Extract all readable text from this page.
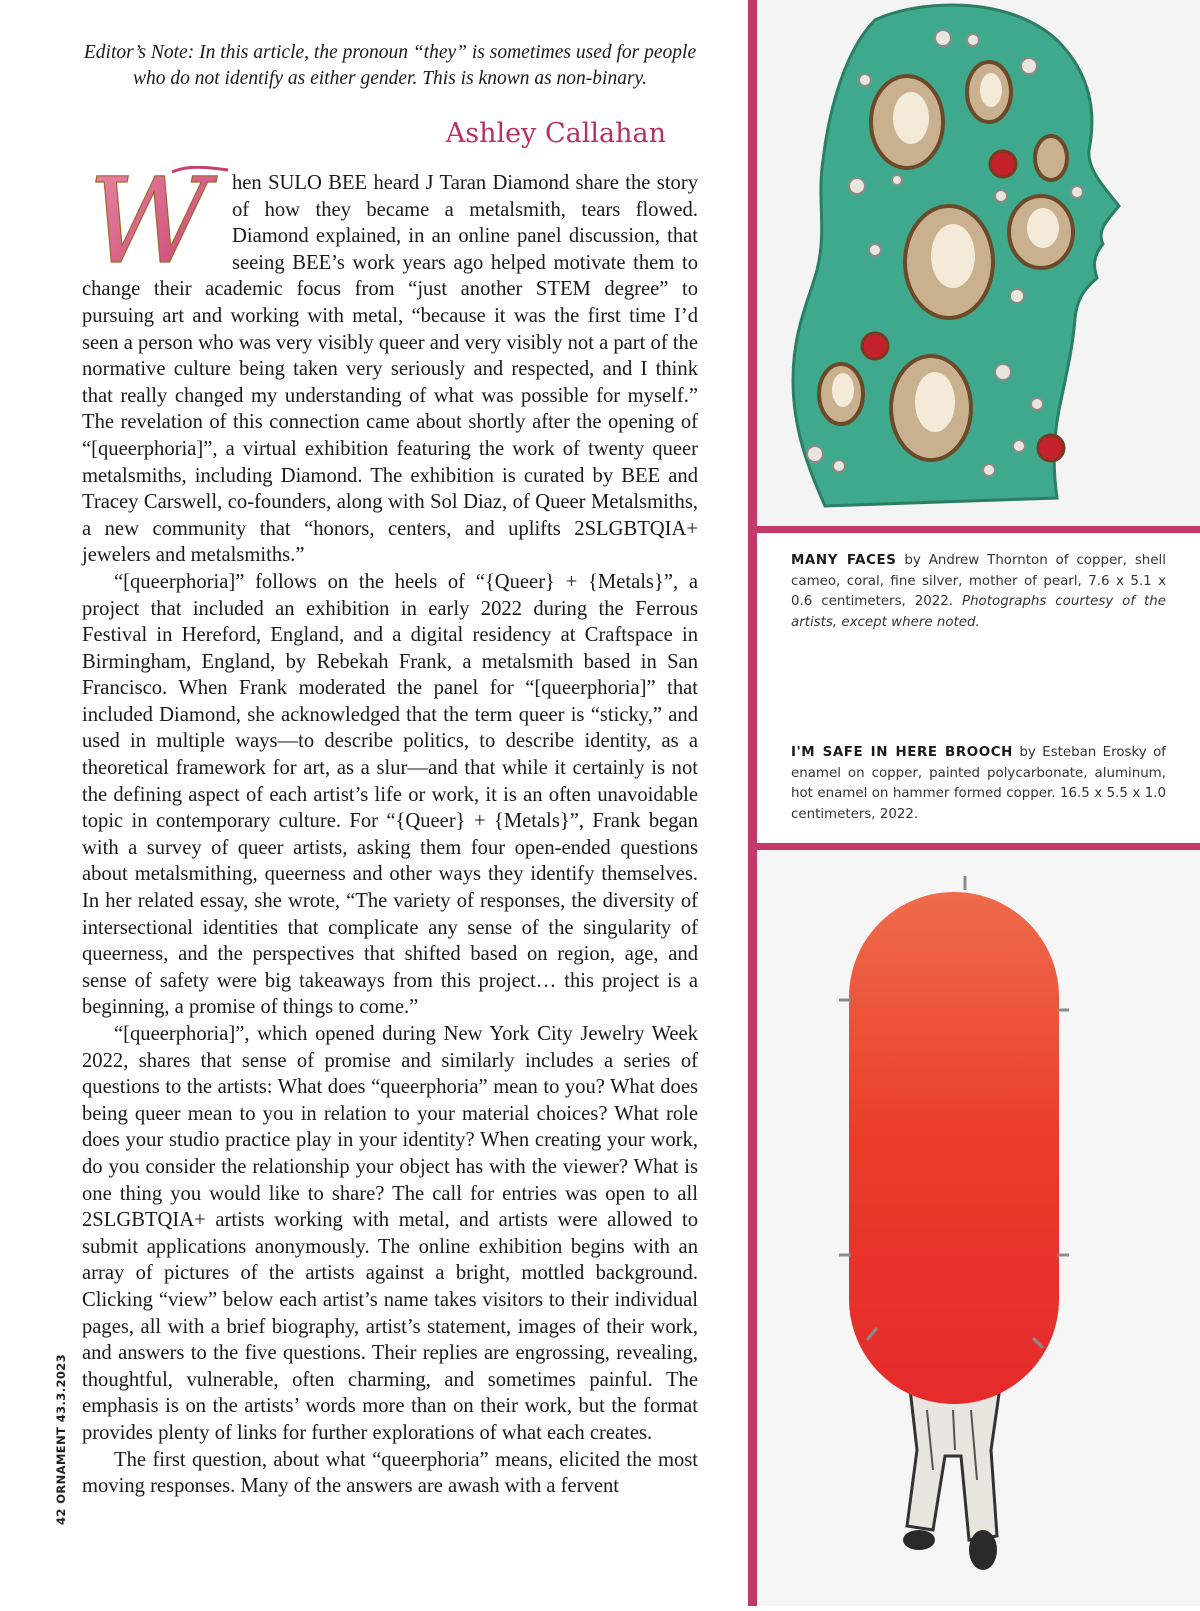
Editor’s Note: In this article, the pronoun “they” is sometimes used for people who do not identify as either gender. This is known as non-binary.

Ashley Callahan

W	hen SULO BEE heard J Taran Diamond share the story of how they became a metalsmith, tears flowed. Diamond explained, in an online panel discussion, that seeing BEE’s work years ago helped motivate them to change their academic focus from “just another STEM degree” to pursuing art and working with metal, “because it was the first time I’d seen a person who was very visibly queer and very visibly not a part of the normative culture being taken very seriously and respected, and I think that really changed my understanding of what was possible for myself.” The revelation of this connection came about shortly after the opening of “[queerphoria]”, a virtual exhibition featuring the work of twenty queer metalsmiths, including Diamond. The exhibition is curated by BEE and Tracey Carswell, co-founders, along with Sol Diaz, of Queer Metalsmiths, a new community that “honors, centers, and uplifts 2SLGBTQIA+ jewelers and metalsmiths.”

“[queerphoria]” follows on the heels of “{Queer} + {Metals}”, a project that included an exhibition in early 2022 during the Ferrous Festival in Hereford, England, and a digital residency at Craftspace in Birmingham, England, by Rebekah Frank, a metalsmith based in San Francisco. When Frank moderated the panel for “[queerphoria]” that included Diamond, she acknowledged that the term queer is “sticky,” and used in multiple ways—to describe politics, to describe identity, as a theoretical framework for art, as a slur—and that while it certainly is not the defining aspect of each artist’s life or work, it is an often unavoidable topic in contemporary culture. For “{Queer} + {Metals}”, Frank began with a survey of queer artists, asking them four open-ended questions about metalsmithing, queerness and other ways they identify themselves. In her related essay, she wrote, “The variety of responses, the diversity of intersectional identities that complicate any sense of the singularity of queerness, and the perspectives that shifted based on region, age, and sense of safety were big takeaways from this project… this project is a beginning, a promise of things to come.”

“[queerphoria]”, which opened during New York City Jewelry Week 2022, shares that sense of promise and similarly includes a series of questions to the artists: What does “queerphoria” mean to you? What does being queer mean to you in relation to your material choices? What role does your studio practice play in your identity? When creating your work, do you consider the relationship your object has with the viewer? What is one thing you would like to share? The call for entries was open to all 2SLGBTQIA+ artists working with metal, and artists were allowed to submit applications anonymously. The online exhibition begins with an array of pictures of the artists against a bright, mottled background. Clicking “view” below each artist’s name takes visitors to their individual pages, all with a brief biography, artist’s statement, images of their work, and answers to the five questions. Their replies are engrossing, revealing, thoughtful, vulnerable, often charming, and sometimes painful. The emphasis is on the artists’ words more than on their work, but the format provides plenty of links for further explorations of what each creates.

The first question, about what “queerphoria” means, elicited the most moving responses. Many of the answers are awash with a fervent

42 ORNAMENT 43.3.2023

MANY FACES by Andrew Thornton of copper, shell cameo, coral, fine silver, mother of pearl, 7.6 x 5.1 x 0.6 centimeters, 2022. Photographs courtesy of the artists, except where noted.

I'M SAFE IN HERE BROOCH by Esteban Erosky of enamel on copper, painted polycarbonate, aluminum, hot enamel on hammer formed copper. 16.5 x 5.5 x 1.0 centimeters, 2022.
